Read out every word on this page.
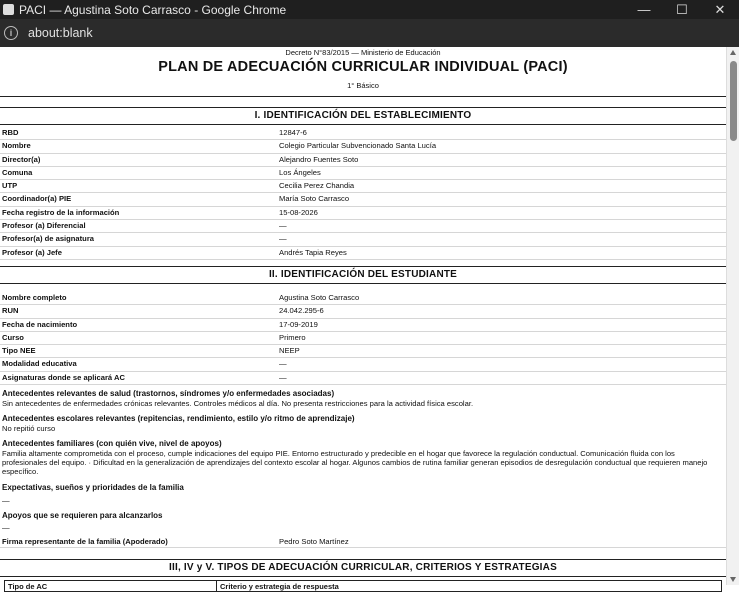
PACI — Agustina Soto Carrasco - Google Chrome	—	☐	✕
i	about:blank
Decreto N°83/2015 — Ministerio de Educación
PLAN DE ADECUACIÓN CURRICULAR INDIVIDUAL (PACI)
1° Básico
I. IDENTIFICACIÓN DEL ESTABLECIMIENTO
RBD	12847-6
Nombre	Colegio Particular Subvencionado Santa Lucía
Director(a)	Alejandro Fuentes Soto
Comuna	Los Ángeles
UTP	Cecilia Perez Chandia
Coordinador(a) PIE	María Soto Carrasco
Fecha registro de la información	15-08-2026
Profesor (a) Diferencial	—
Profesor(a) de asignatura	—
Profesor (a) Jefe	Andrés Tapia Reyes
II. IDENTIFICACIÓN DEL ESTUDIANTE
Nombre completo	Agustina Soto Carrasco
RUN	24.042.295-6
Fecha de nacimiento	17-09-2019
Curso	Primero
Tipo NEE	NEEP
Modalidad educativa	—
Asignaturas donde se aplicará AC	—
Antecedentes relevantes de salud (trastornos, síndromes y/o enfermedades asociadas)
Sin antecedentes de enfermedades crónicas relevantes. Controles médicos al día. No presenta restricciones para la actividad física escolar.
Antecedentes escolares relevantes (repitencias, rendimiento, estilo y/o ritmo de aprendizaje)
No repitió curso
Antecedentes familiares (con quién vive, nivel de apoyos)
Familia altamente comprometida con el proceso, cumple indicaciones del equipo PIE. Entorno estructurado y predecible en el hogar que favorece la regulación conductual. Comunicación fluida con los profesionales del equipo. · Dificultad en la generalización de aprendizajes del contexto escolar al hogar. Algunos cambios de rutina familiar generan episodios de desregulación conductual que requieren manejo específico.
Expectativas, sueños y prioridades de la familia
—
Apoyos que se requieren para alcanzarlos
—
Firma representante de la familia (Apoderado)	Pedro Soto Martínez
III, IV y V. TIPOS DE ADECUACIÓN CURRICULAR, CRITERIOS Y ESTRATEGIAS
Tipo de AC	Criterio y estrategia de respuesta
